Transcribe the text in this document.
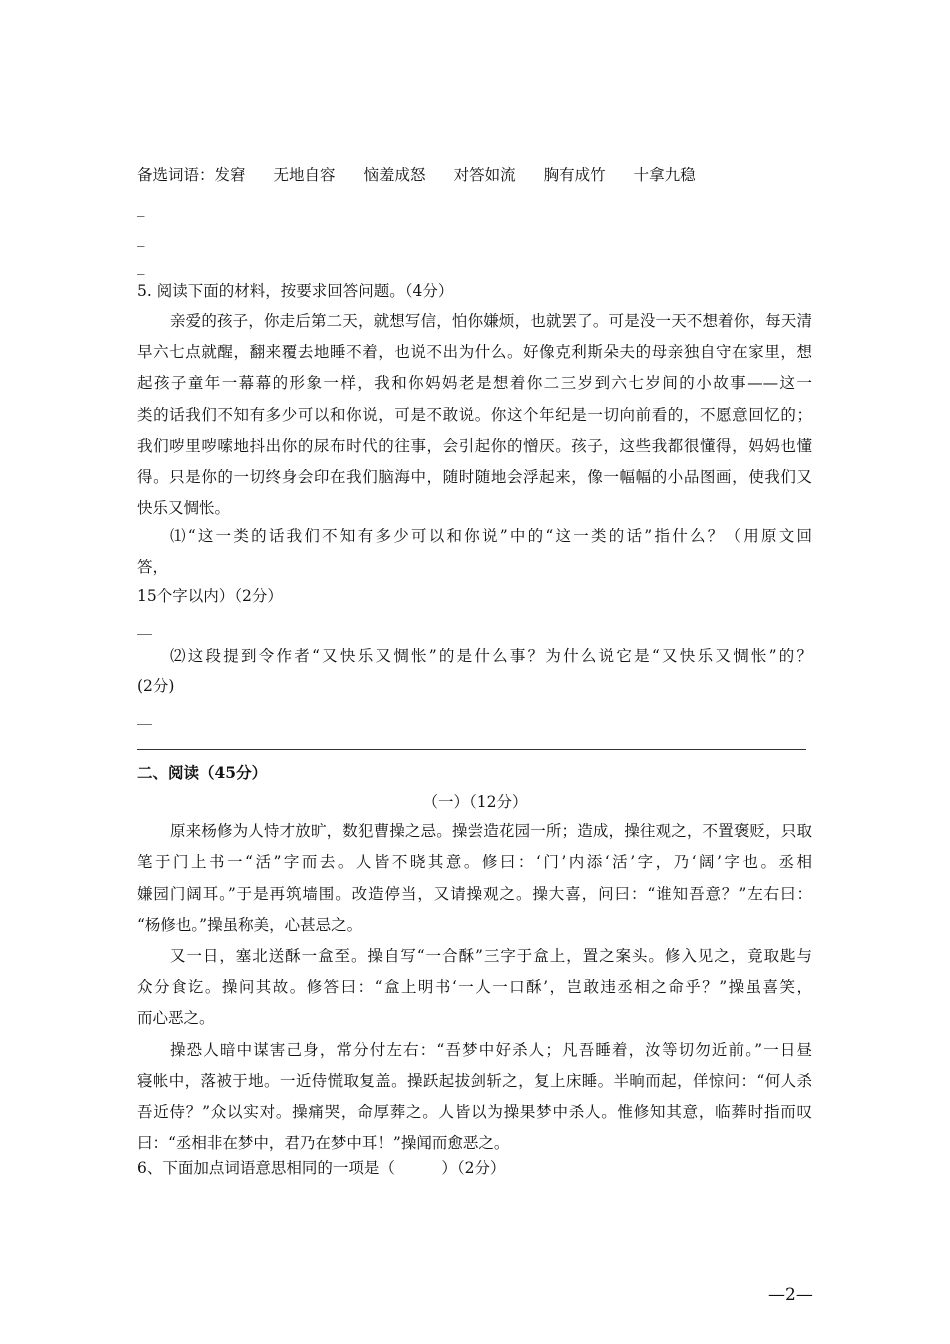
备选词语：发窘 无地自容 恼羞成怒 对答如流 胸有成竹 十拿九稳
_
_
_
5. 阅读下面的材料，按要求回答问题。（4分）
亲爱的孩子，你走后第二天，就想写信，怕你嫌烦，也就罢了。可是没一天不想着你，每天清
早六七点就醒，翻来覆去地睡不着，也说不出为什么。好像克利斯朵夫的母亲独自守在家里，想
起孩子童年一幕幕的形象一样，我和你妈妈老是想着你二三岁到六七岁间的小故事——这一
类的话我们不知有多少可以和你说，可是不敢说。你这个年纪是一切向前看的，不愿意回忆的；
我们哕里哕嗦地抖出你的尿布时代的往事，会引起你的憎厌。孩子，这些我都很懂得，妈妈也懂
得。只是你的一切终身会印在我们脑海中，随时随地会浮起来，像一幅幅的小品图画，使我们又
快乐又惆怅。
⑴“这一类的话我们不知有多少可以和你说”中的“这一类的话”指什么？（用原文回
答，
15个字以内）（2分）
__
⑵这段提到令作者“又快乐又惆怅”的是什么事？为什么说它是“又快乐又惆怅”的？
(2分)
__
二、阅读（45分）
（一）（12分）
原来杨修为人恃才放旷，数犯曹操之忌。操尝造花园一所；造成，操往观之，不置褒贬，只取
笔于门上书一“活”字而去。人皆不晓其意。修曰：‘门’内添‘活’字，乃‘阔’字也。丞相
嫌园门阔耳。”于是再筑墙围。改造停当，又请操观之。操大喜，问曰：“谁知吾意？”左右曰：
“杨修也。”操虽称美，心甚忌之。
又一日，塞北送酥一盒至。操自写“一合酥”三字于盒上，置之案头。修入见之，竟取匙与
众分食讫。操问其故。修答曰：“盒上明书‘一人一口酥’，岂敢违丞相之命乎？”操虽喜笑，
而心恶之。
操恐人暗中谋害己身，常分付左右：“吾梦中好杀人；凡吾睡着，汝等切勿近前。”一日昼
寝帐中，落被于地。一近侍慌取复盖。操跃起拔剑斩之，复上床睡。半晌而起，佯惊问：“何人杀
吾近侍？”众以实对。操痛哭，命厚葬之。人皆以为操果梦中杀人。惟修知其意，临葬时指而叹
曰：“丞相非在梦中，君乃在梦中耳！”操闻而愈恶之。
6、下面加点词语意思相同的一项是（　　　）（2分）
—2—
